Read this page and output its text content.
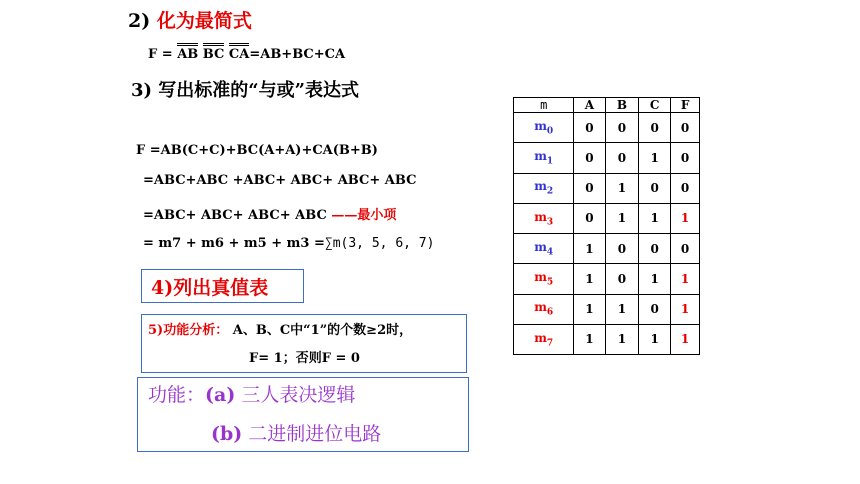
2) 化为最简式
F = AB BC CA=AB+BC+CA
3) 写出标准的“与或”表达式
F =AB(C+C)+BC(A+A)+CA(B+B)
=ABC+ABC +ABC+ ABC+ ABC+ ABC
=ABC+ ABC+ ABC+ ABC ——最小项
= m7 + m6 + m5 + m3 =∑m(3, 5, 6, 7)
4)列出真值表
5)功能分析： A、B、C中“1”的个数≥2时，
F= 1；否则F = 0
功能：(a) 三人表决逻辑
(b) 二进制进位电路
m	A	B	C	F
$m_0$	0	0	0	0
$m_1$	0	0	1	0
$m_2$	0	1	0	0
$m_3$	0	1	1	1
$m_4$	1	0	0	0
$m_5$	1	0	1	1
$m_6$	1	1	0	1
$m_7$	1	1	1	1
